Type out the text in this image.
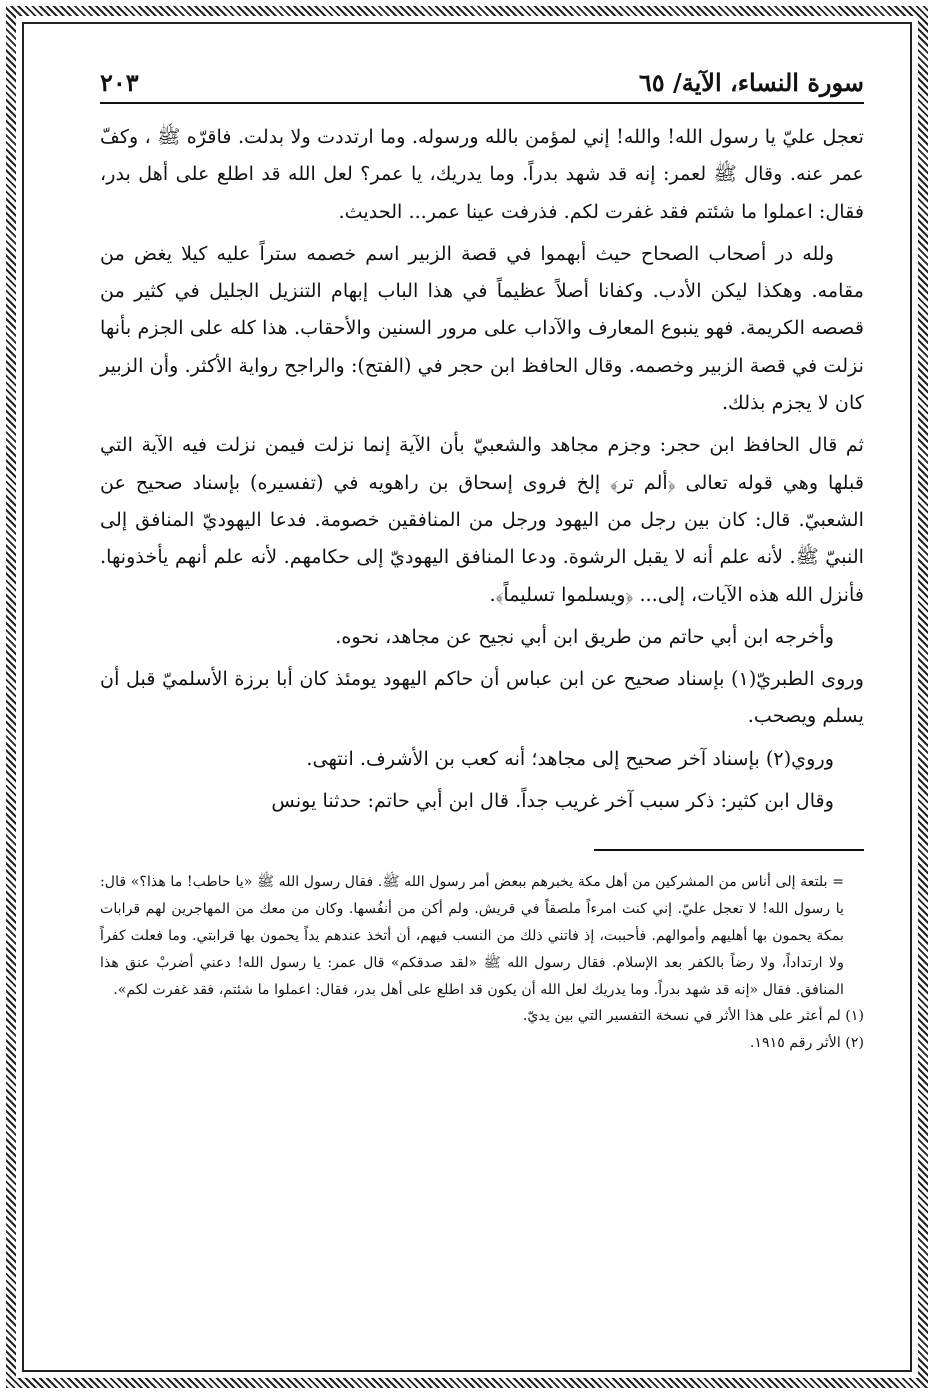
سورة النساء، الآية/ ٦٥
٢٠٣

تعجل عليّ يا رسول الله! والله! إني لمؤمن بالله ورسوله. وما ارتددت ولا بدلت. فاقرّه ﷺ ، وكفّ عمر عنه. وقال ﷺ لعمر: إنه قد شهد بدراً. وما يدريك، يا عمر؟ لعل الله قد اطلع على أهل بدر، فقال: اعملوا ما شئتم فقد غفرت لكم. فذرفت عينا عمر... الحديث.

ولله در أصحاب الصحاح حيث أبهموا في قصة الزبير اسم خصمه ستراً عليه كيلا يغض من مقامه. وهكذا ليكن الأدب. وكفانا أصلاً عظيماً في هذا الباب إبهام التنزيل الجليل في كثير من قصصه الكريمة. فهو ينبوع المعارف والآداب على مرور السنين والأحقاب. هذا كله على الجزم بأنها نزلت في قصة الزبير وخصمه. وقال الحافظ ابن حجر في (الفتح): والراجح رواية الأكثر. وأن الزبير كان لا يجزم بذلك.

ثم قال الحافظ ابن حجر: وجزم مجاهد والشعبيّ بأن الآية إنما نزلت فيمن نزلت فيه الآية التي قبلها وهي قوله تعالى ﴿ألم تر﴾ إلخ فروى إسحاق بن راهويه في (تفسيره) بإسناد صحيح عن الشعبيّ. قال: كان بين رجل من اليهود ورجل من المنافقين خصومة. فدعا اليهوديّ المنافق إلى النبيّ ﷺ. لأنه علم أنه لا يقبل الرشوة. ودعا المنافق اليهوديّ إلى حكامهم. لأنه علم أنهم يأخذونها. فأنزل الله هذه الآيات، إلى... ﴿ويسلموا تسليماً﴾.

وأخرجه ابن أبي حاتم من طريق ابن أبي نجيح عن مجاهد، نحوه.

وروى الطبريّ(١) بإسناد صحيح عن ابن عباس أن حاكم اليهود يومئذ كان أبا برزة الأسلميّ قبل أن يسلم ويصحب.

وروي(٢) بإسناد آخر صحيح إلى مجاهد؛ أنه كعب بن الأشرف. انتهى.

وقال ابن كثير: ذكر سبب آخر غريب جداً. قال ابن أبي حاتم: حدثنا يونس

= بلتعة إلى أناس من المشركين من أهل مكة يخبرهم ببعض أمر رسول الله ﷺ. فقال رسول الله ﷺ «يا حاطب! ما هذا؟» قال: يا رسول الله! لا تعجل عليّ. إني كنت امرءاً ملصقاً في قريش. ولم أكن من أنفُسها. وكان من معك من المهاجرين لهم قرابات بمكة يحمون بها أهليهم وأموالهم. فأحببت، إذ فاتني ذلك من النسب فيهم، أن أتخذ عندهم يداً يحمون بها قرابتي. وما فعلت كفراً ولا ارتداداً، ولا رضاً بالكفر بعد الإسلام. فقال رسول الله ﷺ «لقد صدقكم» قال عمر: يا رسول الله! دعني أضربْ عنق هذا المنافق. فقال «إنه قد شهد بدراً. وما يدريك لعل الله أن يكون قد اطلع على أهل بدر، فقال: اعملوا ما شئتم، فقد غفرت لكم».

(١) لم أعثر على هذا الأثر في نسخة التفسير التي بين يديّ.

(٢) الأثر رقم ١٩١٥.
